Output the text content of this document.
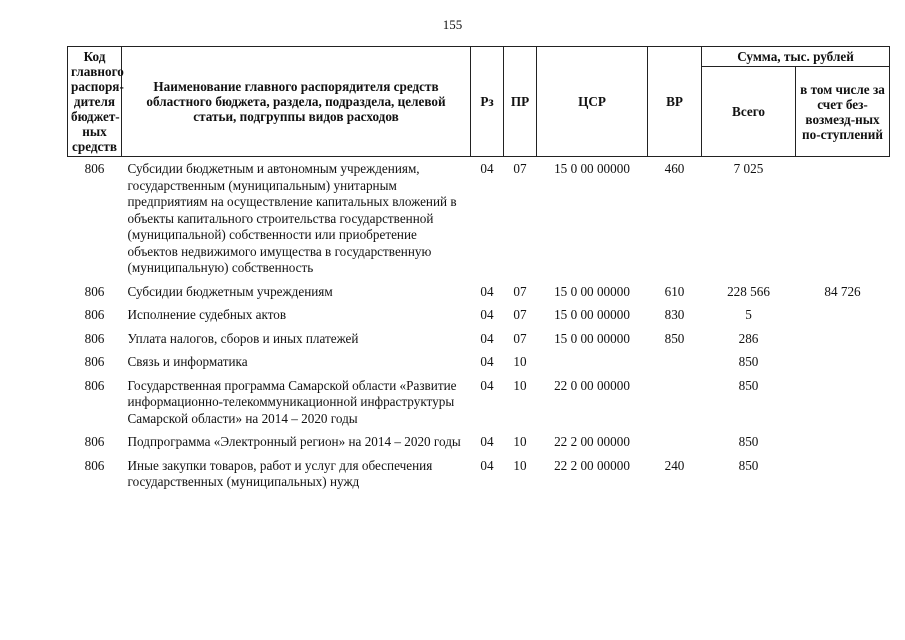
155
Код главного распоря-дителя бюджет-ных средств	Наименование главного распорядителя средств областного бюджета, раздела, подраздела, целевой статьи, подгруппы видов расходов	Рз	ПР	ЦСР	ВР	Сумма, тыс. рублей	
						Всего	в том числе за счет без-возмезд-ных по-ступлений
806	Субсидии бюджетным и автономным учреждениям, государственным (муниципальным) унитарным предприятиям на осуществление капитальных вложений в объекты капитального строительства государственной (муниципальной) собственности или приобретение объектов недвижимого имущества в государственную (муниципальную) собственность	04	07	15 0 00 00000	460	7 025	
806	Субсидии бюджетным учреждениям	04	07	15 0 00 00000	610	228 566	84 726
806	Исполнение судебных актов	04	07	15 0 00 00000	830	5	
806	Уплата налогов, сборов и иных платежей	04	07	15 0 00 00000	850	286	
806	Связь и информатика	04	10			850	
806	Государственная программа Самарской области «Развитие информационно-телекоммуникационной инфраструктуры Самарской области» на 2014 – 2020 годы	04	10	22 0 00 00000		850	
806	Подпрограмма «Электронный регион» на 2014 – 2020 годы	04	10	22 2 00 00000		850	
806	Иные закупки товаров, работ и услуг для обеспечения государственных (муниципальных) нужд	04	10	22 2 00 00000	240	850	
